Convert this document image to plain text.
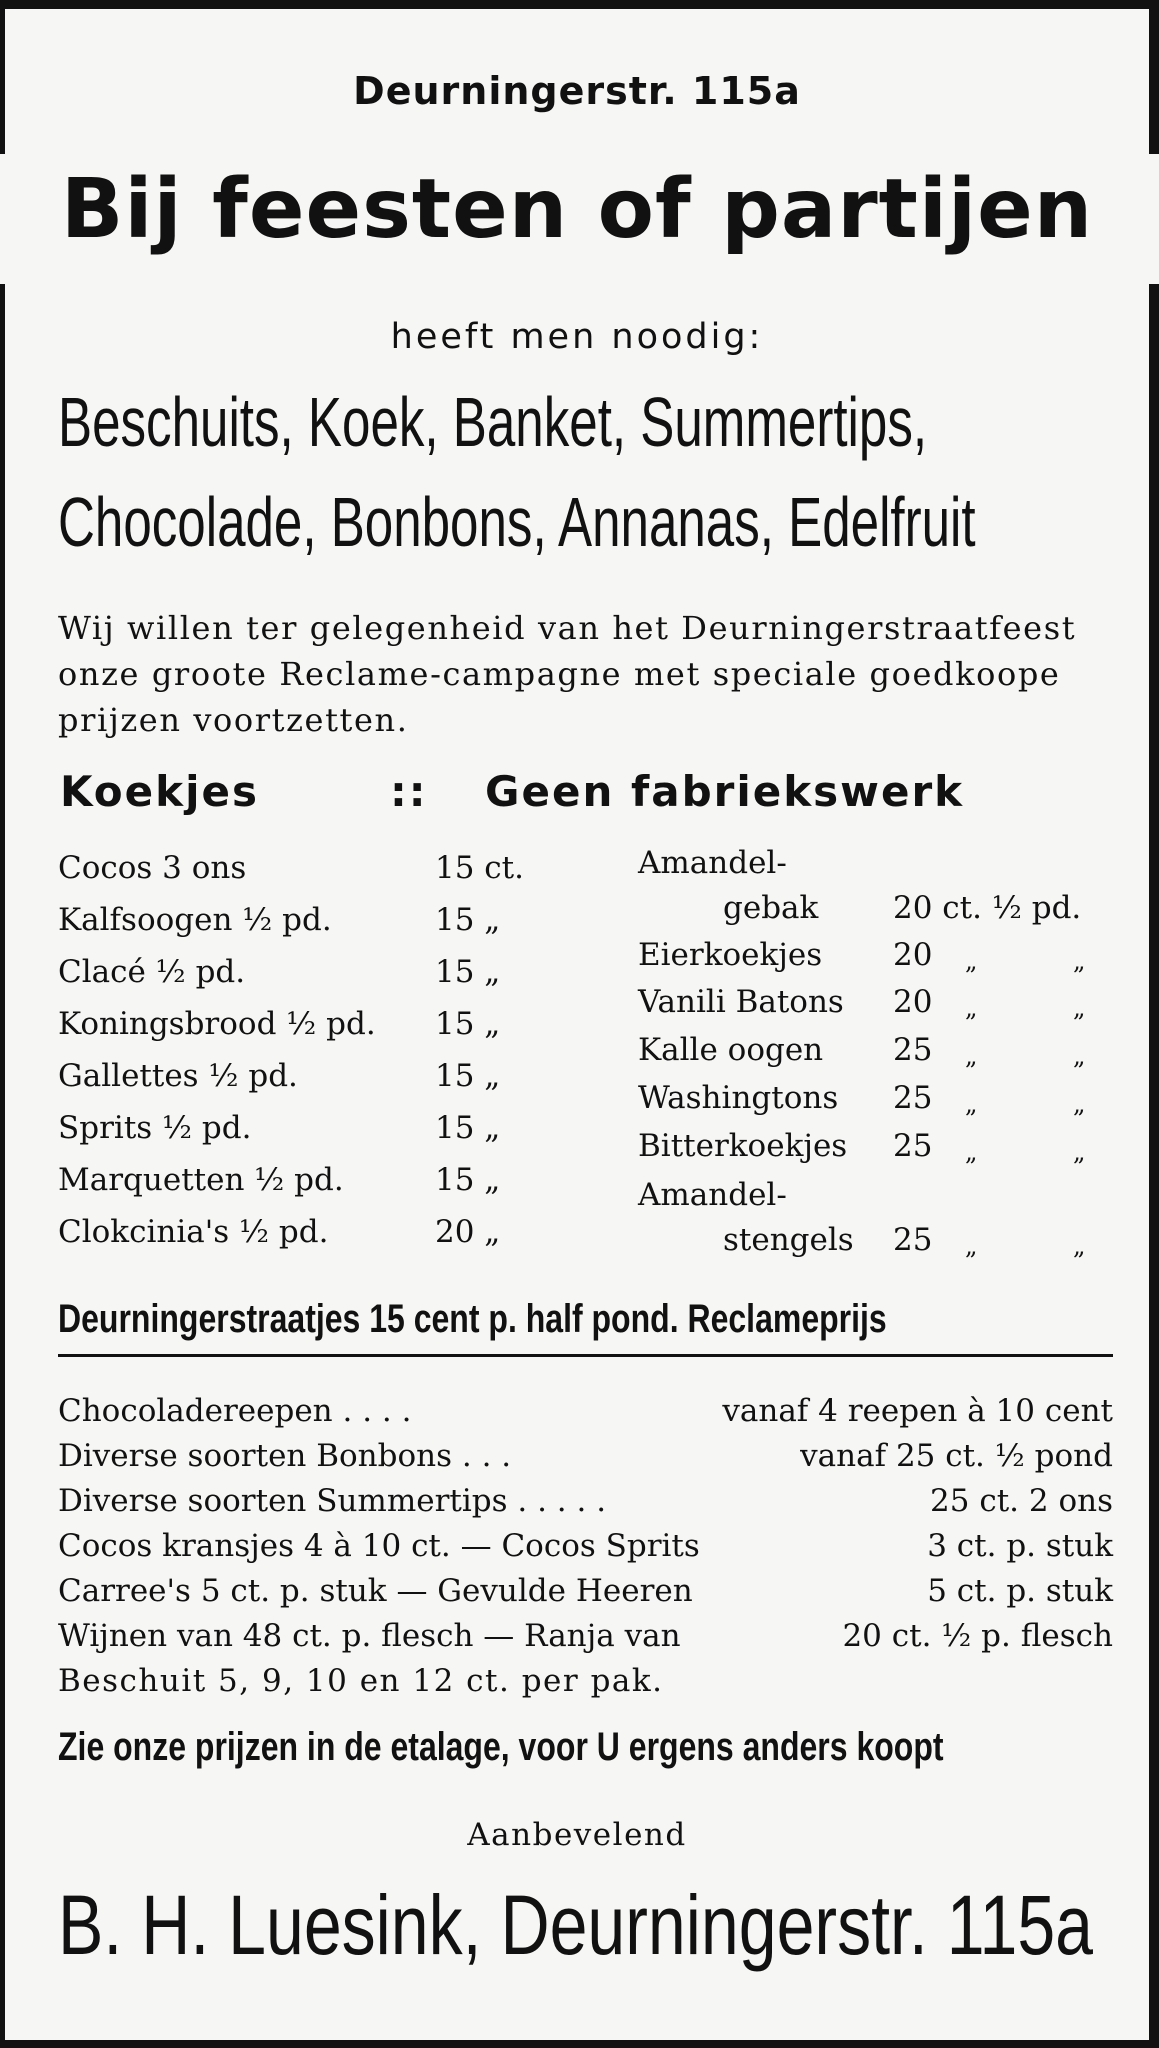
Deurningerstr. 115a
Bij feesten of partijen
heeft men noodig:
Beschuits, Koek, Banket, Summertips,
Chocolade, Bonbons, Annanas, Edelfruit
Wij willen ter gelegenheid van het Deurningerstraatfeest onze groote Reclame-campagne met speciale goedkoope prijzen voortzetten.
Koekjes	:: Geen fabriekswerk
Cocos 3 ons	15 ct.
Kalfsoogen ½ pd.	15 „
Clacé ½ pd.	15 „
Koningsbrood ½ pd. 15 „
Gallettes ½ pd.	15 „
Sprits ½ pd.	15 „
Marquetten ½ pd.	15 „
Clokcinia's ½ pd.	20 „
Amandel-
gebak 20 ct. ½ pd.
Eierkoekjes 20 „	„
Vanili Batons 20 „	„
Kalle oogen 25 „	„
Washingtons 25 „	„
Bitterkoekjes 25 „	„
Amandel-
stengels 25 „	„
Deurningerstraatjes 15 cent p. half pond. Reclameprijs
Chocoladereepen . . . .	vanaf 4 reepen à 10 cent
Diverse soorten Bonbons . . .	vanaf 25 ct. ½ pond
Diverse soorten Summertips . . . . .	25 ct. 2 ons
Cocos kransjes 4 à 10 ct. — Cocos Sprits	3 ct. p. stuk
Carree's 5 ct. p. stuk — Gevulde Heeren	5 ct. p. stuk
Wijnen van 48 ct. p. flesch — Ranja van	20 ct. ½ p. flesch
Beschuit 5, 9, 10 en 12 ct. per pak.
Zie onze prijzen in de etalage, voor U ergens anders koopt
Aanbevelend
B. H. Luesink, Deurningerstr. 115a
